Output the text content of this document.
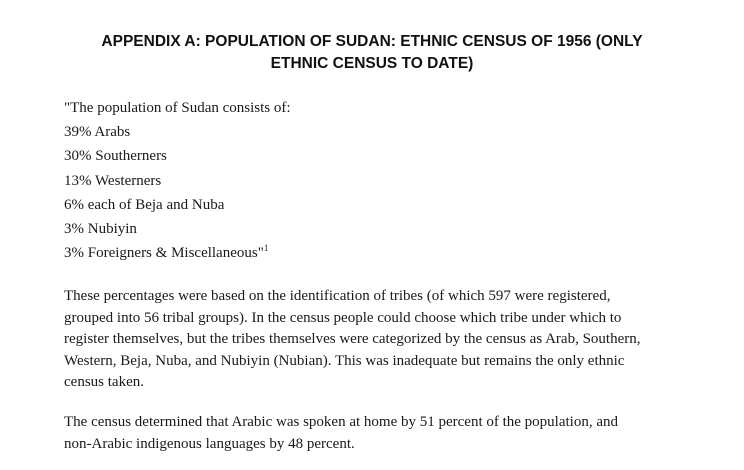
APPENDIX A: POPULATION OF SUDAN: ETHNIC CENSUS OF 1956 (ONLY
ETHNIC CENSUS TO DATE)
"The population of Sudan consists of:
39% Arabs
30% Southerners
13% Westerners
6% each of Beja and Nuba
3% Nubiyin
3% Foreigners & Miscellaneous"$^1$

These percentages were based on the identification of tribes (of which 597 were registered,
grouped into 56 tribal groups). In the census people could choose which tribe under which to
register themselves, but the tribes themselves were categorized by the census as Arab, Southern,
Western, Beja, Nuba, and Nubiyin (Nubian). This was inadequate but remains the only ethnic
census taken.

The census determined that Arabic was spoken at home by 51 percent of the population, and
non-Arabic indigenous languages by 48 percent.
